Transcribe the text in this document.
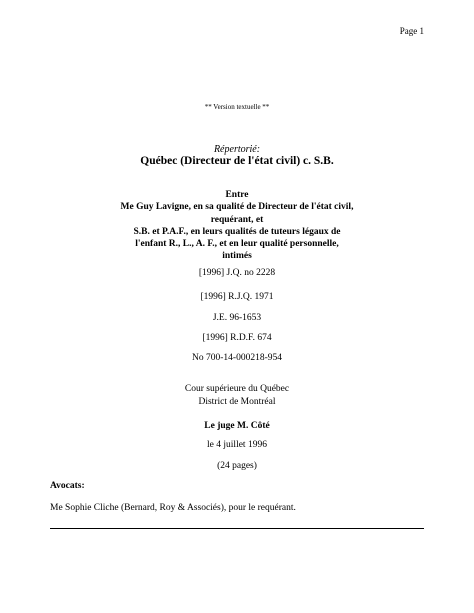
Page 1
** Version textuelle **
Répertorié:
Québec (Directeur de l'état civil) c. S.B.
Entre
Me Guy Lavigne, en sa qualité de Directeur de l'état civil,
requérant, et
S.B. et P.A.F., en leurs qualités de tuteurs légaux de
l'enfant R., L., A. F., et en leur qualité personnelle,
intimés
[1996] J.Q. no 2228
[1996] R.J.Q. 1971
J.E. 96-1653
[1996] R.D.F. 674
No 700-14-000218-954
Cour supérieure du Québec
District de Montréal
Le juge M. Côté
le 4 juillet 1996
(24 pages)
Avocats:
Me Sophie Cliche (Bernard, Roy & Associés), pour le requérant.
